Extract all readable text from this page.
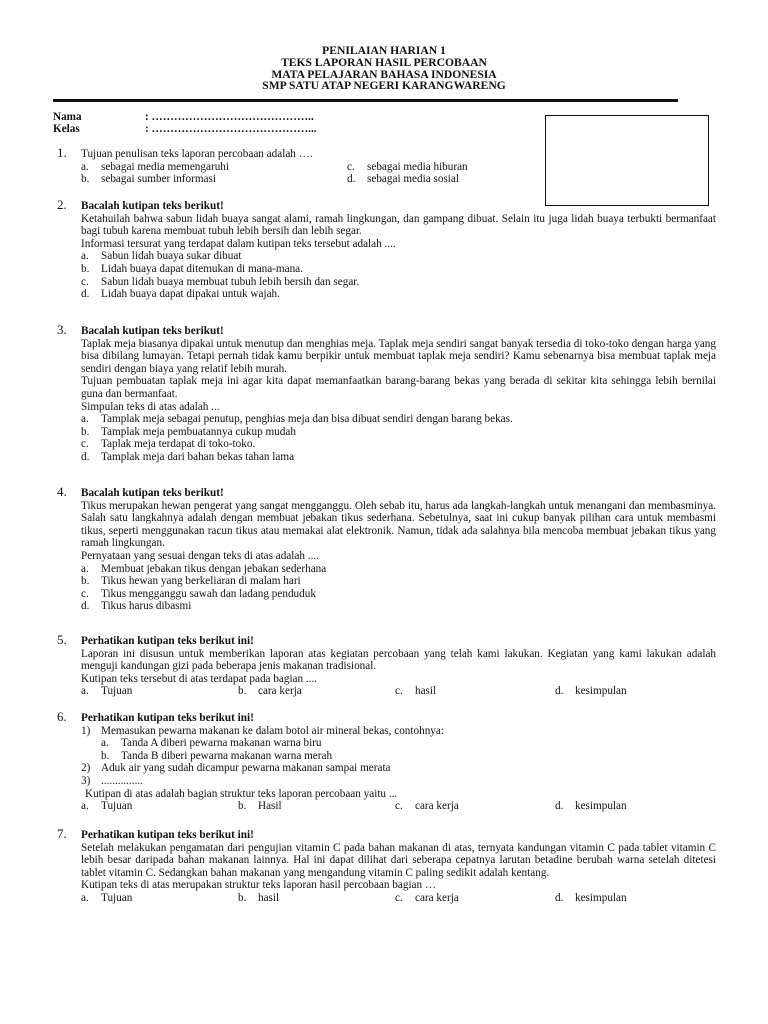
PENILAIAN HARIAN 1
TEKS LAPORAN HASIL PERCOBAAN
MATA PELAJARAN BAHASA INDONESIA
SMP SATU ATAP NEGERI KARANGWARENG
Nama	: ……………………………………..
Kelas	: ……………………………………...
1. Tujuan penulisan teks laporan percobaan adalah ….
a. sebagai media memengaruhi
b. sebagai sumber informasi
c. sebagai media hiburan
d. sebagai media sosial
2. Bacalah kutipan teks berikut!
Ketahuilah bahwa sabun lidah buaya sangat alami, ramah lingkungan, dan gampang dibuat. Selain itu juga lidah buaya terbukti bermanfaat bagi tubuh karena membuat tubuh lebih bersih dan lebih segar.
Informasi tersurat yang terdapat dalam kutipan teks tersebut adalah ....
a. Sabun lidah buaya sukar dibuat
b. Lidah buaya dapat ditemukan di mana-mana.
c. Sabun lidah buaya membuat tubuh lebih bersih dan segar.
d. Lidah buaya dapat dipakai untuk wajah.
3. Bacalah kutipan teks berikut!
Taplak meja biasanya dipakai untuk menutup dan menghias meja. Taplak meja sendiri sangat banyak tersedia di toko-toko dengan harga yang bisa dibilang lumayan. Tetapi pernah tidak kamu berpikir untuk membuat taplak meja sendiri? Kamu sebenarnya bisa membuat taplak meja sendiri dengan biaya yang relatif lebih murah.
Tujuan pembuatan taplak meja ini agar kita dapat memanfaatkan barang-barang bekas yang berada di sekitar kita sehingga lebih bernilai guna dan bermanfaat.
Simpulan teks di atas adalah ...
a. Tamplak meja sebagai penutup, penghias meja dan bisa dibuat sendiri dengan barang bekas.
b. Tamplak meja pembuatannya cukup mudah
c. Taplak meja terdapat di toko-toko.
d. Tamplak meja dari bahan bekas tahan lama
4. Bacalah kutipan teks berikut!
Tikus merupakan hewan pengerat yang sangat mengganggu. Oleh sebab itu, harus ada langkah-langkah untuk menangani dan membasminya. Salah satu langkahnya adalah dengan membuat jebakan tikus sederhana. Sebetulnya, saat ini cukup banyak pilihan cara untuk membasmi tikus, seperti menggunakan racun tikus atau memakai alat elektronik. Namun, tidak ada salahnya bila mencoba membuat jebakan tikus yang ramah lingkungan.
Pernyataan yang sesuai dengan teks di atas adalah ....
a. Membuat jebakan tikus dengan jebakan sederhana
b. Tikus hewan yang berkeliaran di malam hari
c. Tikus mengganggu sawah dan ladang penduduk
d. Tikus harus dibasmi
5. Perhatikan kutipan teks berikut ini!
Laporan ini disusun untuk memberikan laporan atas kegiatan percobaan yang telah kami lakukan. Kegiatan yang kami lakukan adalah menguji kandungan gizi pada beberapa jenis makanan tradisional.
Kutipan teks tersebut di atas terdapat pada bagian ....
a. Tujuan	b. cara kerja	c. hasil	d. kesimpulan
6. Perhatikan kutipan teks berikut ini!
1) Memasukan pewarna makanan ke dalam botol air mineral bekas, contohnya:
a. Tanda A diberi pewarna makanan warna biru
b. Tanda B diberi pewarna makanan warna merah
2) Aduk air yang sudah dicampur pewarna makanan sampai merata
3) ...............
Kutipan di atas adalah bagian struktur teks laporan percobaan yaitu ...
a. Tujuan	b. Hasil	c. cara kerja	d. kesimpulan
7. Perhatikan kutipan teks berikut ini!
Setelah melakukan pengamatan dari pengujian vitamin C pada bahan makanan di atas, ternyata kandungan vitamin C pada tablet vitamin C lebih besar daripada bahan makanan lainnya. Hal ini dapat dilihat dari seberapa cepatnya larutan betadine berubah warna setelah ditetesi tablet vitamin C. Sedangkan bahan makanan yang mengandung vitamin C paling sedikit adalah kentang.
Kutipan teks di atas merupakan struktur teks laporan hasil percobaan bagian …
a. Tujuan	b. hasil	c. cara kerja	d. kesimpulan
